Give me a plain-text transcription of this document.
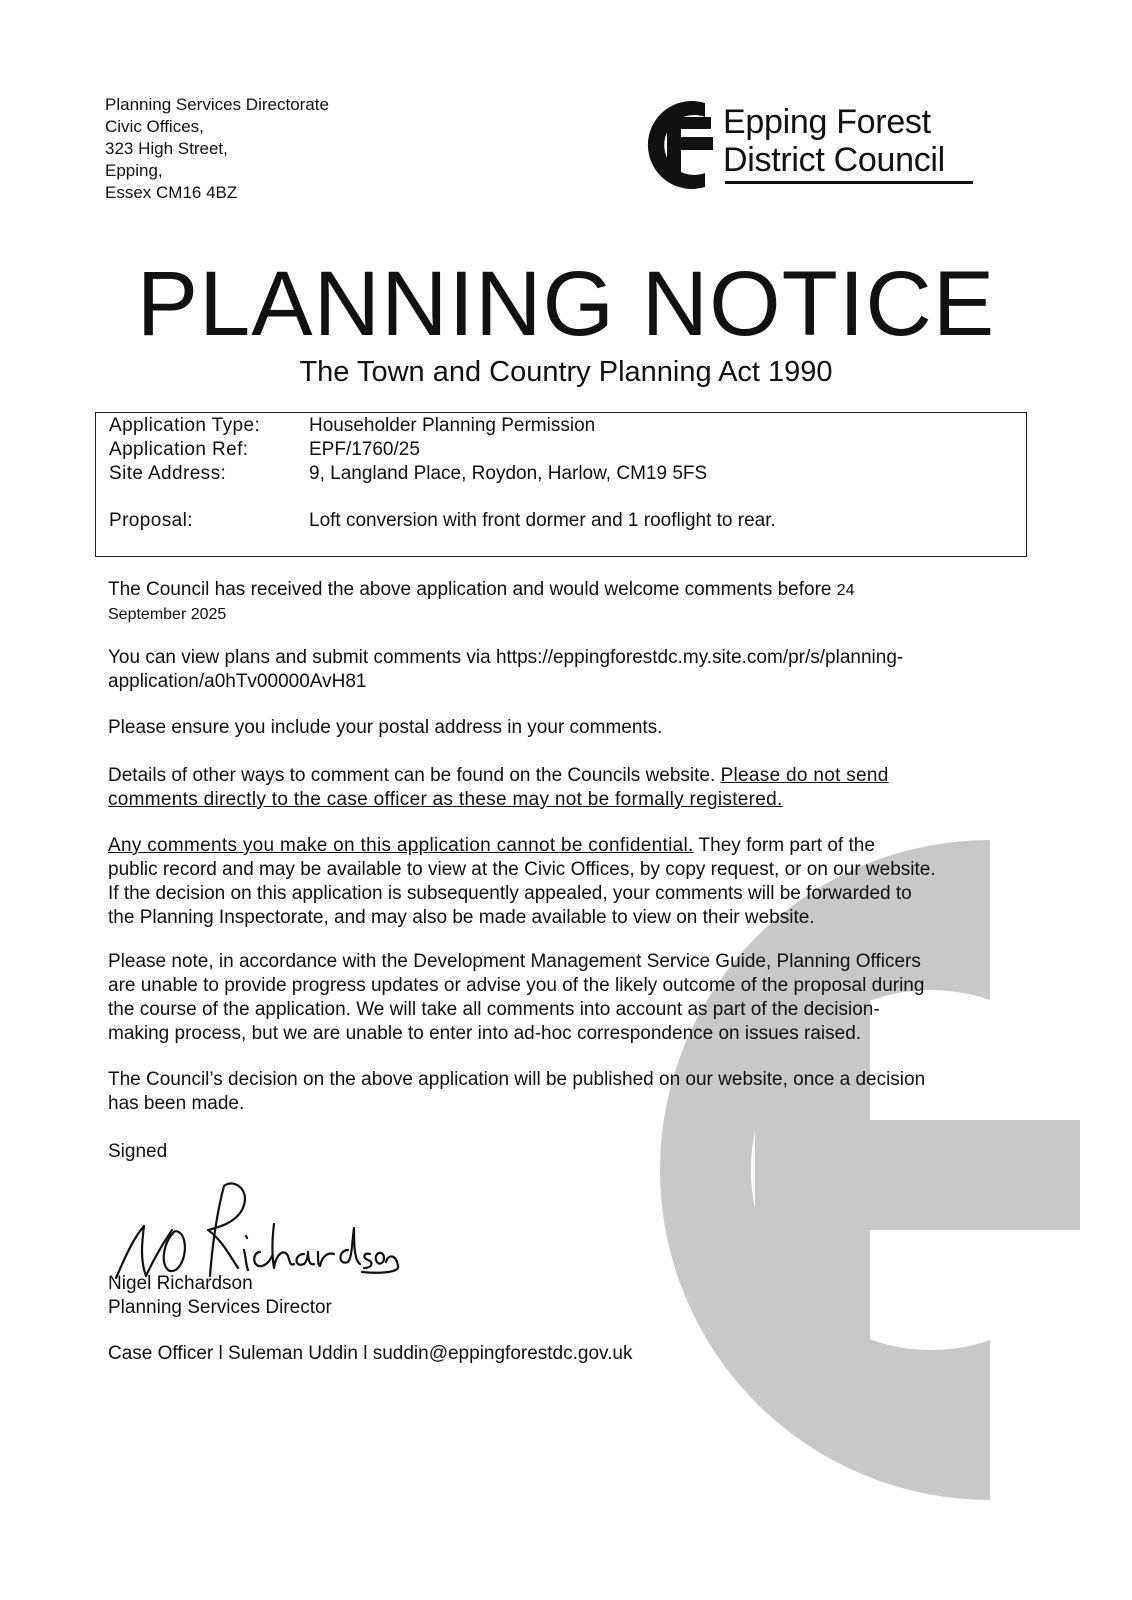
Planning Services Directorate
Civic Offices,
323 High Street,
Epping,
Essex CM16 4BZ
Epping Forest
District Council
PLANNING NOTICE
The Town and Country Planning Act 1990
Application Type:	Householder Planning Permission
Application Ref:	EPF/1760/25
Site Address:	9, Langland Place, Roydon, Harlow, CM19 5FS
Proposal:	Loft conversion with front dormer and 1 rooflight to rear.
The Council has received the above application and would welcome comments before 24
September 2025
You can view plans and submit comments via https://eppingforestdc.my.site.com/pr/s/planning-
application/a0hTv00000AvH81
Please ensure you include your postal address in your comments.
Details of other ways to comment can be found on the Councils website. Please do not send
comments directly to the case officer as these may not be formally registered.
Any comments you make on this application cannot be confidential. They form part of the
public record and may be available to view at the Civic Offices, by copy request, or on our website.
If the decision on this application is subsequently appealed, your comments will be forwarded to
the Planning Inspectorate, and may also be made available to view on their website.
Please note, in accordance with the Development Management Service Guide, Planning Officers
are unable to provide progress updates or advise you of the likely outcome of the proposal during
the course of the application. We will take all comments into account as part of the decision-
making process, but we are unable to enter into ad-hoc correspondence on issues raised.
The Council’s decision on the above application will be published on our website, once a decision
has been made.
Signed
Nigel Richardson
Planning Services Director
Case Officer l Suleman Uddin l suddin@eppingforestdc.gov.uk
